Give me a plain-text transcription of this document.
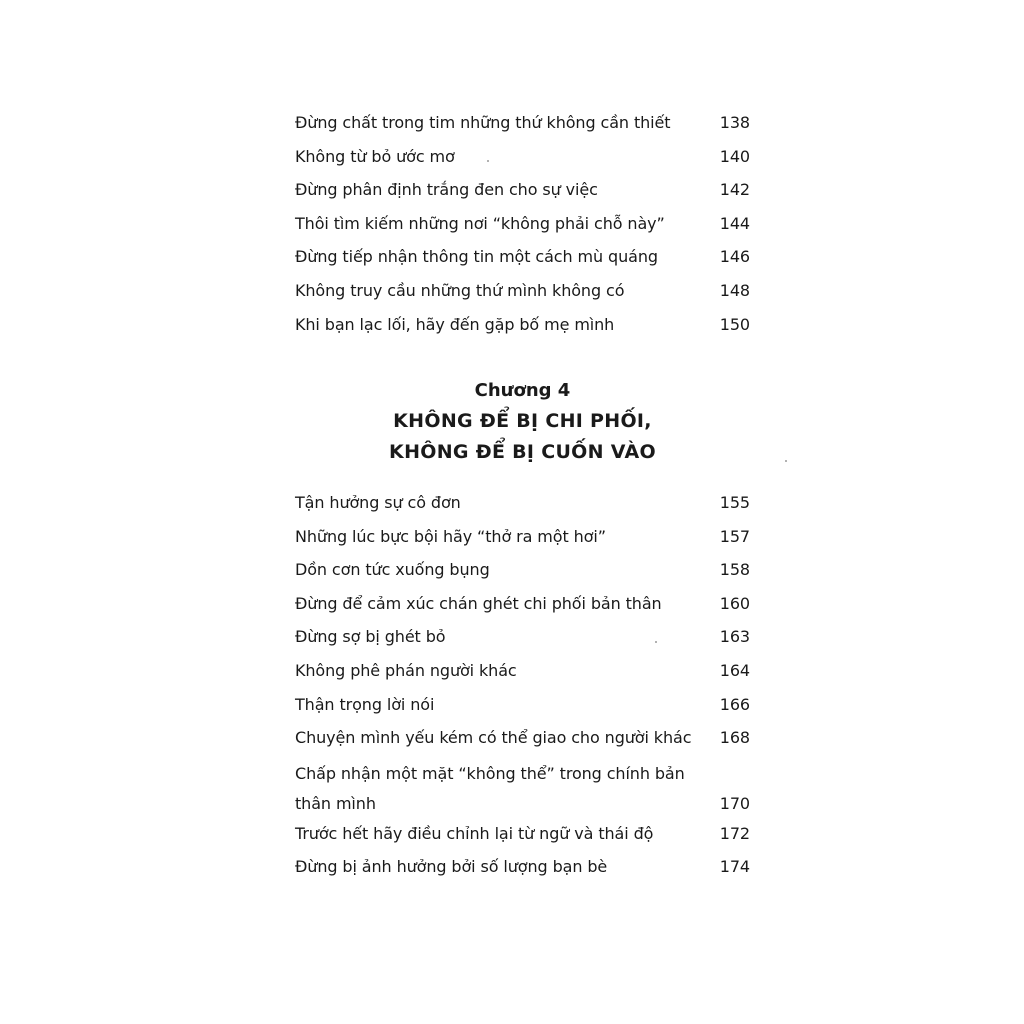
Đừng chất trong tim những thứ không cần thiết	138
Không từ bỏ ước mơ	140
Đừng phân định trắng đen cho sự việc	142
Thôi tìm kiếm những nơi “không phải chỗ này”	144
Đừng tiếp nhận thông tin một cách mù quáng	146
Không truy cầu những thứ mình không có	148
Khi bạn lạc lối, hãy đến gặp bố mẹ mình	150
Chương 4
KHÔNG ĐỂ BỊ CHI PHỐI,
KHÔNG ĐỂ BỊ CUỐN VÀO
Tận hưởng sự cô đơn	155
Những lúc bực bội hãy “thở ra một hơi”	157
Dồn cơn tức xuống bụng	158
Đừng để cảm xúc chán ghét chi phối bản thân	160
Đừng sợ bị ghét bỏ	163
Không phê phán người khác	164
Thận trọng lời nói	166
Chuyện mình yếu kém có thể giao cho người khác	168
Chấp nhận một mặt “không thể” trong chính bản thân mình	170
Trước hết hãy điều chỉnh lại từ ngữ và thái độ	172
Đừng bị ảnh hưởng bởi số lượng bạn bè	174
